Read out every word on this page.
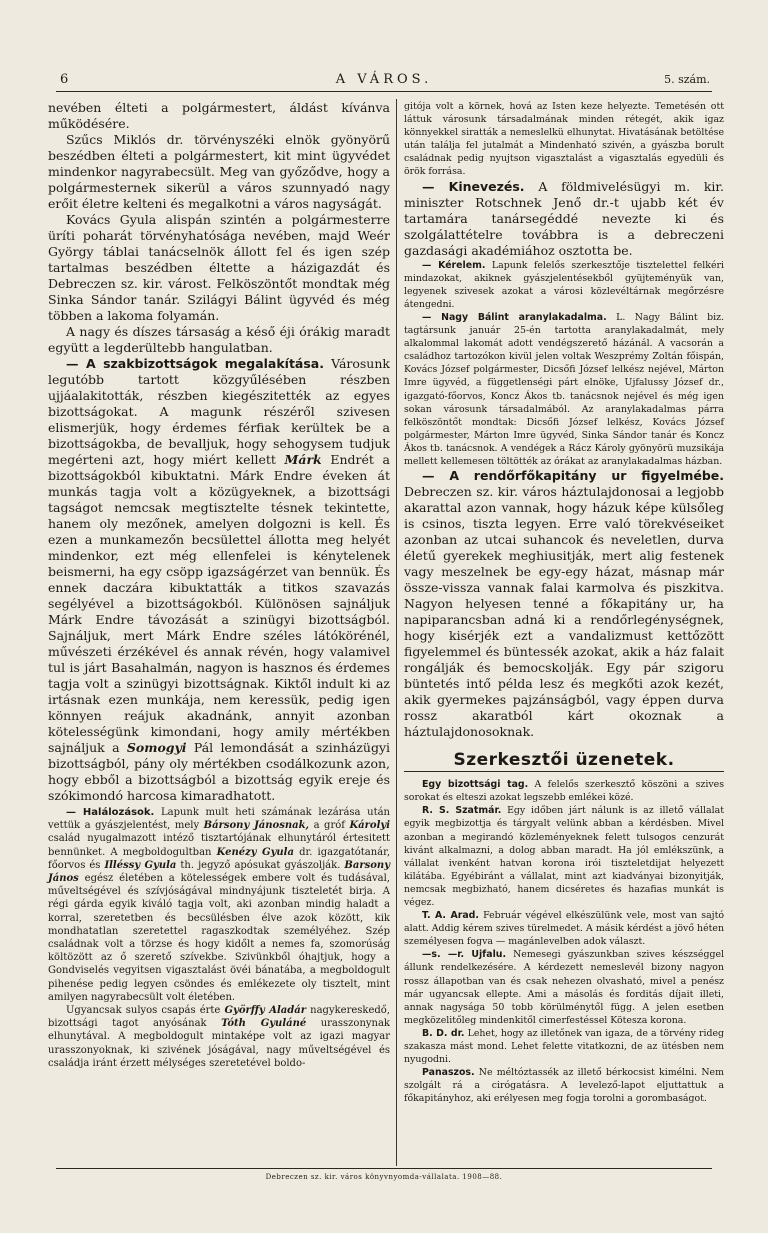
6	A VÁROS.	5. szám.

nevében élteti a polgármestert, áldást kívánva működésére.

Szűcs Miklós dr. törvényszéki elnök gyönyörű beszédben élteti a polgármestert, kit mint ügyvédet mindenkor nagyrabecsült. Meg van győződve, hogy a polgármesternek sikerül a város szunnyadó nagy erőit életre kelteni és megalkotni a város nagyságát.

Kovács Gyula alispán szintén a polgármesterre üríti poharát törvényhatósága nevében, majd Weér György táblai tanácselnök állott fel és igen szép tartalmas beszédben éltette a házigazdát és Debreczen sz. kir. várost. Felköszöntőt mondtak még Sinka Sándor tanár. Szilágyi Bálint ügyvéd és még többen a lakoma folyamán.

A nagy és díszes társaság a késő éji órákig maradt együtt a legderültebb hangulatban.

— A szakbizottságok megalakítása. Városunk legutóbb tartott közgyűlésében részben ujjáalakitották, részben kiegészitették az egyes bizottságokat. A magunk részéről szivesen elismerjük, hogy érdemes férfiak kerültek be a bizottságokba, de bevalljuk, hogy sehogysem tudjuk megérteni azt, hogy miért kellett Márk Endrét a bizottságokból kibuktatni. Márk Endre éveken át munkás tagja volt a közügyeknek, a bizottsági tagságot nemcsak megtisztelte tésnek tekintette, hanem oly mezőnek, amelyen dolgozni is kell. És ezen a munkamezőn becsülettel állotta meg helyét mindenkor, ezt még ellenfelei is kénytelenek beismerni, ha egy csöpp igazságérzet van bennük. És ennek daczára kibuktatták a titkos szavazás segélyével a bizottságokból. Különösen sajnáljuk Márk Endre távozását a szinügyi bizottságból. Sajnáljuk, mert Márk Endre széles látókörénél, művészeti érzékével és annak révén, hogy valamivel tul is járt Basahalmán, nagyon is hasznos és érdemes tagja volt a szinügyi bizottságnak. Kiktől indult ki az irtásnak ezen munkája, nem keressük, pedig igen könnyen reájuk akadnánk, annyit azonban kötelességünk kimondani, hogy amily mértékben sajnáljuk a Somogyi Pál lemondását a szinházügyi bizottságból, pány oly mértékben csodálkozunk azon, hogy ebből a bizottságból a bizottság egyik ereje és szókimondó harcosa kimaradhatott.

— Halálozások. Lapunk mult heti számának lezárása után vettük a gyászjelentést, mely Bársony Jánosnak, a gróf Károlyi család nyugalmazott intéző tisztartójának elhunytáról értesitett bennünket. A megboldogultban Kenézy Gyula dr. igazgatótanár, főorvos és Illéssy Gyula th. jegyző apósukat gyászolják. Barsony János egész életében a kötelességek embere volt és tudásával, műveltségével és szívjóságával mindnyájunk tiszteletét birja. A régi gárda egyik kiváló tagja volt, aki azonban mindig haladt a korral, szeretetben és becsülésben élve azok között, kik mondhatatlan szeretettel ragaszkodtak személyéhez. Szép családnak volt a törzse és hogy kidőlt a nemes fa, szomorúság költözött az ő szerető szívekbe. Szivünkből óhajtjuk, hogy a Gondviselés vegyitsen vigasztalást övéi bánatába, a megboldogult pihenése pedig legyen csöndes és emlékezete oly tisztelt, mint amilyen nagyrabecsült volt életében.

Ugyancsak sulyos csapás érte Györffy Aladár nagykereskedő, bizottsági tagot anyósának Tóth Gyuláné urasszonynak elhunytával. A megboldogult mintaképe volt az igazi magyar urasszonyoknak, ki szivének jóságával, nagy műveltségével és családja iránt érzett mélységes szeretetével boldo-

gitója volt a körnek, hová az Isten keze helyezte. Temetésén ott láttuk városunk társadalmának minden rétegét, akik igaz könnyekkel siratták a nemeslelkü elhunytat. Hivatásának betöltése után találja fel jutalmát a Mindenható szivén, a gyászba borult családnak pedig nyujtson vigasztalást a vigasztalás egyedüli és örök forrása.

— Kinevezés. A földmivelésügyi m. kir. miniszter Rotschnek Jenő dr.-t ujabb két év tartamára tanársegéddé nevezte ki és szolgálattételre továbbra is a debreczeni gazdasági akadémiához osztotta be.

— Kérelem. Lapunk felelős szerkesztője tisztelettel felkéri mindazokat, akiknek gyászjelentésekből gyüjteményük van, legyenek szivesek azokat a városi közlevéltárnak megőrzésre átengedni.

— Nagy Bálint aranylakadalma. L. Nagy Bálint biz. tagtársunk január 25-én tartotta aranylakadalmát, mely alkalommal lakomát adott vendégszerető házánál. A vacsorán a családhoz tartozókon kivül jelen voltak Weszprémy Zoltán főispán, Kovács József polgármester, Dicsőfi József lelkész nejével, Márton Imre ügyvéd, a függetlenségi párt elnöke, Ujfalussy József dr., igazgató-főorvos, Koncz Ákos tb. tanácsnok nejével és még igen sokan városunk társadalmából. Az aranylakadalmas párra felköszöntőt mondtak: Dicsőfi József lelkész, Kovács József polgármester, Márton Imre ügyvéd, Sinka Sándor tanár és Koncz Ákos tb. tanácsnok. A vendégek a Rácz Károly gyönyörü muzsikája mellett kellemesen töltötték az órákat az aranylakadalmas házban.

— A rendőrfőkapitány ur figyelmébe. Debreczen sz. kir. város háztulajdonosai a legjobb akarattal azon vannak, hogy házuk képe külsőleg is csinos, tiszta legyen. Erre való törekvéseiket azonban az utcai suhancok és neveletlen, durva életű gyerekek meghiusitják, mert alig festenek vagy meszelnek be egy-egy házat, másnap már össze-vissza vannak falai karmolva és piszkitva. Nagyon helyesen tenné a főkapitány ur, ha napiparancsban adná ki a rendőrlegénységnek, hogy kisérjék ezt a vandalizmust kettőzött figyelemmel és büntessék azokat, akik a ház falait rongálják és bemocskolják. Egy pár szigoru büntetés intő példa lesz és megkőti azok kezét, akik gyermekes pajzánságból, vagy éppen durva rossz akaratból kárt okoznak a háztulajdonosoknak.

Szerkesztői üzenetek.

Egy bizottsági tag. A felelős szerkesztő köszöni a szives sorokat és elteszi azokat legszebb emlékei közé.

R. S. Szatmár. Egy időben járt nálunk is az illető vállalat egyik megbizottja és tárgyalt velünk abban a kérdésben. Mivel azonban a megirandó közleményeknek felett tulsogos cenzurát kivánt alkalmazni, a dolog abban maradt. Ha jól emlékszünk, a vállalat ivenként hatvan korona irói tiszteletdijat helyezett kilátába. Egyébiránt a vállalat, mint azt kiadványai bizonyitják, nemcsak megbizható, hanem dicséretes és hazafias munkát is végez.

T. A. Arad. Február végével elkészülünk vele, most van sajtó alatt. Addig kérem szives türelmedet. A másik kérdést a jövő héten személyesen fogva — magánlevelben adok választ.

—s. —r. Ujfalu. Nemesegi gyászunkban szives készséggel állunk rendelkezésére. A kérdezett nemeslevél bizony nagyon rossz állapotban van és csak nehezen olvasható, mivel a penész már ugyancsak ellepte. Ami a másolás és forditás díjait illeti, annak nagysága 50 tobb körülménytől függ. A jelen esetben megközelitőleg mindenkitől cimerfestéssel Kötesza korona.

B. D. dr. Lehet, hogy az illetőnek van igaza, de a törvény rideg szakasza mást mond. Lehet felette vitatkozni, de az ütésben nem nyugodni.

Panaszos. Ne méltóztassék az illető bérkocsist kimélni. Nem szolgált rá a cirógatásra. A levelező-lapot eljuttattuk a főkapitányhoz, aki erélyesen meg fogja torolni a gorombaságot.

Debreczen sz. kir. város könyvnyomda-vállalata. 1908—88.
